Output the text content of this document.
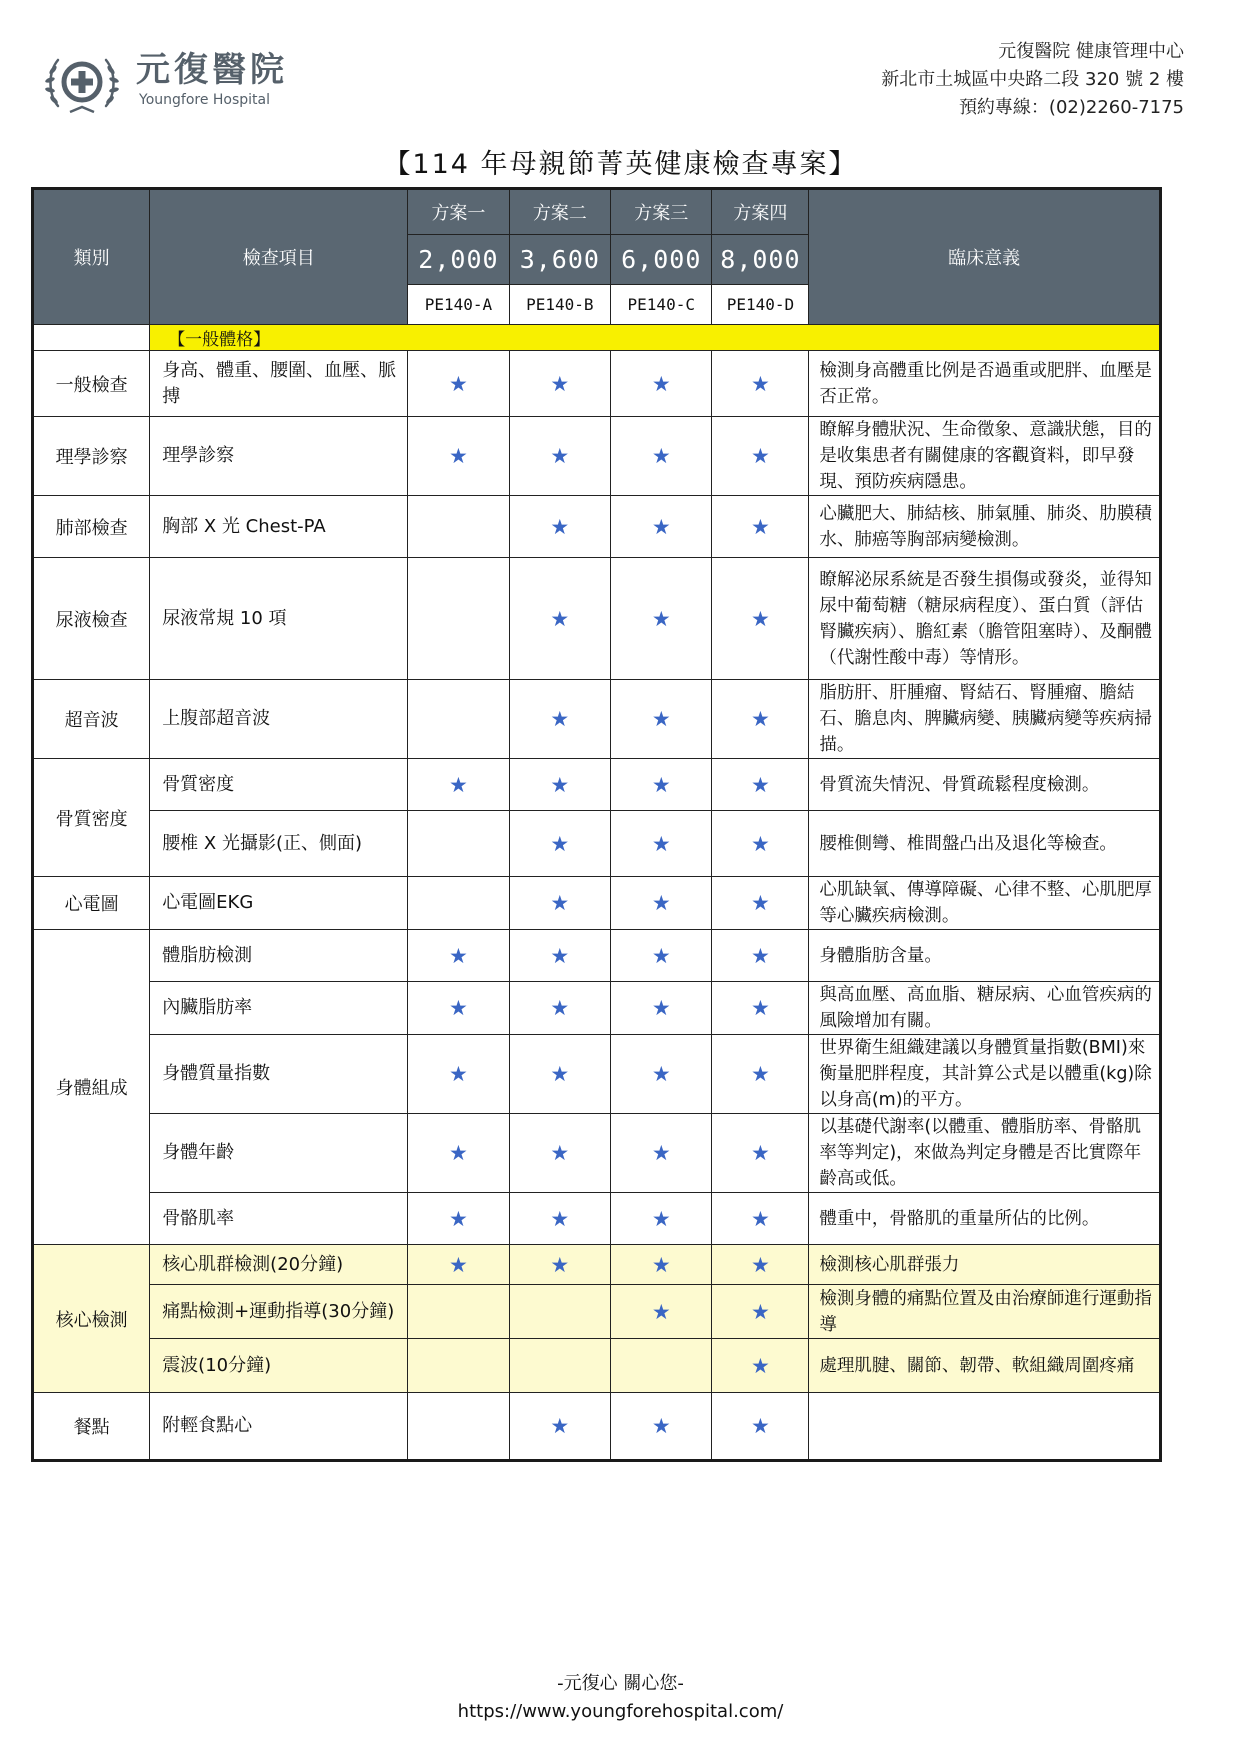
元復醫院
Youngfore Hospital
元復醫院 健康管理中心
新北市土城區中央路二段 320 號 2 樓
預約專線：(02)2260-7175
【114 年母親節菁英健康檢查專案】
類別	檢查項目	方案一	方案二	方案三	方案四	臨床意義
		2,000	3,600	6,000	8,000	
		PE140-A	PE140-B	PE140-C	PE140-D	
	【一般體格】					
一般檢查	身高、體重、腰圍、血壓、脈搏	★	★	★	★	檢測身高體重比例是否過重或肥胖、血壓是否正常。
理學診察	理學診察	★	★	★	★	瞭解身體狀況、生命徵象、意識狀態，目的是收集患者有關健康的客觀資料，即早發現、預防疾病隱患。
肺部檢查	胸部 X 光 Chest-PA		★	★	★	心臟肥大、肺結核、肺氣腫、肺炎、肋膜積水、肺癌等胸部病變檢測。
尿液檢查	尿液常規 10 項		★	★	★	瞭解泌尿系統是否發生損傷或發炎，並得知尿中葡萄糖（糖尿病程度）、蛋白質（評估腎臟疾病）、膽紅素（膽管阻塞時）、及酮體（代謝性酸中毒）等情形。
超音波	上腹部超音波		★	★	★	脂肪肝、肝腫瘤、腎結石、腎腫瘤、膽結石、膽息肉、脾臟病變、胰臟病變等疾病掃描。
骨質密度	骨質密度	★	★	★	★	骨質流失情況、骨質疏鬆程度檢測。
	腰椎 X 光攝影(正、側面)		★	★	★	腰椎側彎、椎間盤凸出及退化等檢查。
心電圖	心電圖EKG		★	★	★	心肌缺氧、傳導障礙、心律不整、心肌肥厚等心臟疾病檢測。
身體組成	體脂肪檢測	★	★	★	★	身體脂肪含量。
	內臟脂肪率	★	★	★	★	與高血壓、高血脂、糖尿病、心血管疾病的風險增加有關。
	身體質量指數	★	★	★	★	世界衛生組織建議以身體質量指數(BMI)來衡量肥胖程度，其計算公式是以體重(kg)除以身高(m)的平方。
	身體年齡	★	★	★	★	以基礎代謝率(以體重、體脂肪率、骨骼肌率等判定)，來做為判定身體是否比實際年齡高或低。
	骨骼肌率	★	★	★	★	體重中，骨骼肌的重量所佔的比例。
核心檢測	核心肌群檢測(20分鐘)	★	★	★	★	檢測核心肌群張力
	痛點檢測+運動指導(30分鐘)			★	★	檢測身體的痛點位置及由治療師進行運動指導
	震波(10分鐘)				★	處理肌腱、關節、韌帶、軟組織周圍疼痛
餐點	附輕食點心		★	★	★	
-元復心 關心您-
https://www.youngforehospital.com/
